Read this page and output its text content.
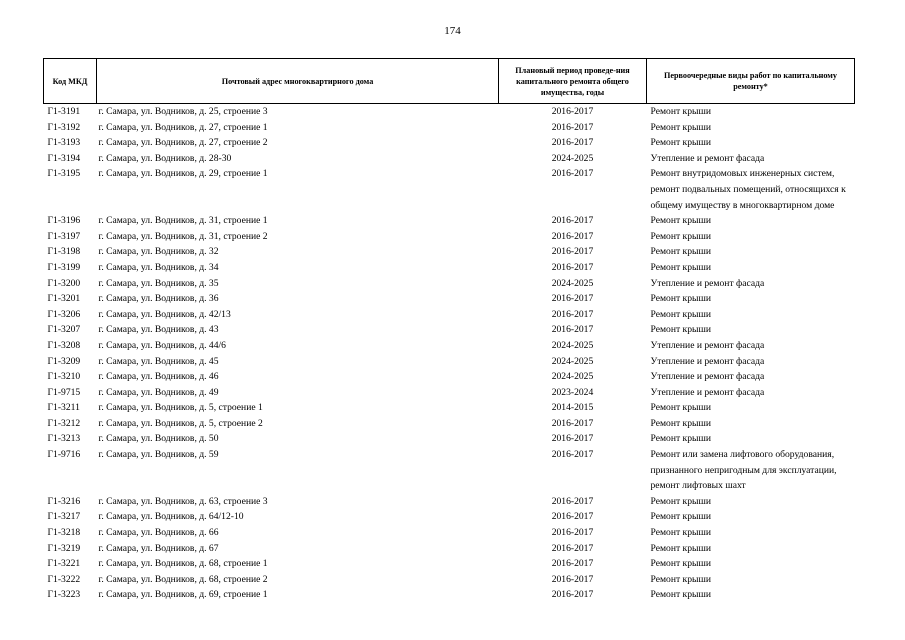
174
Код МКД	Почтовый адрес многоквартирного дома	Плановый период проведе-ния капитального ремонта общего имущества, годы	Первоочередные виды работ по капитальному ремонту*
Г1-3191	г. Самара, ул. Водников, д. 25, строение 3	2016-2017	Ремонт крыши
Г1-3192	г. Самара, ул. Водников, д. 27, строение 1	2016-2017	Ремонт крыши
Г1-3193	г. Самара, ул. Водников, д. 27, строение 2	2016-2017	Ремонт крыши
Г1-3194	г. Самара, ул. Водников, д. 28-30	2024-2025	Утепление и ремонт фасада
Г1-3195	г. Самара, ул. Водников, д. 29, строение 1	2016-2017	Ремонт внутридомовых инженерных систем, ремонт подвальных помещений, относящихся к общему имуществу в многоквартирном доме
Г1-3196	г. Самара, ул. Водников, д. 31, строение 1	2016-2017	Ремонт крыши
Г1-3197	г. Самара, ул. Водников, д. 31, строение 2	2016-2017	Ремонт крыши
Г1-3198	г. Самара, ул. Водников, д. 32	2016-2017	Ремонт крыши
Г1-3199	г. Самара, ул. Водников, д. 34	2016-2017	Ремонт крыши
Г1-3200	г. Самара, ул. Водников, д. 35	2024-2025	Утепление и ремонт фасада
Г1-3201	г. Самара, ул. Водников, д. 36	2016-2017	Ремонт крыши
Г1-3206	г. Самара, ул. Водников, д. 42/13	2016-2017	Ремонт крыши
Г1-3207	г. Самара, ул. Водников, д. 43	2016-2017	Ремонт крыши
Г1-3208	г. Самара, ул. Водников, д. 44/6	2024-2025	Утепление и ремонт фасада
Г1-3209	г. Самара, ул. Водников, д. 45	2024-2025	Утепление и ремонт фасада
Г1-3210	г. Самара, ул. Водников, д. 46	2024-2025	Утепление и ремонт фасада
Г1-9715	г. Самара, ул. Водников, д. 49	2023-2024	Утепление и ремонт фасада
Г1-3211	г. Самара, ул. Водников, д. 5, строение 1	2014-2015	Ремонт крыши
Г1-3212	г. Самара, ул. Водников, д. 5, строение 2	2016-2017	Ремонт крыши
Г1-3213	г. Самара, ул. Водников, д. 50	2016-2017	Ремонт крыши
Г1-9716	г. Самара, ул. Водников, д. 59	2016-2017	Ремонт или замена лифтового оборудования, признанного непригодным для эксплуатации, ремонт лифтовых шахт
Г1-3216	г. Самара, ул. Водников, д. 63, строение 3	2016-2017	Ремонт крыши
Г1-3217	г. Самара, ул. Водников, д. 64/12-10	2016-2017	Ремонт крыши
Г1-3218	г. Самара, ул. Водников, д. 66	2016-2017	Ремонт крыши
Г1-3219	г. Самара, ул. Водников, д. 67	2016-2017	Ремонт крыши
Г1-3221	г. Самара, ул. Водников, д. 68, строение 1	2016-2017	Ремонт крыши
Г1-3222	г. Самара, ул. Водников, д. 68, строение 2	2016-2017	Ремонт крыши
Г1-3223	г. Самара, ул. Водников, д. 69, строение 1	2016-2017	Ремонт крыши
